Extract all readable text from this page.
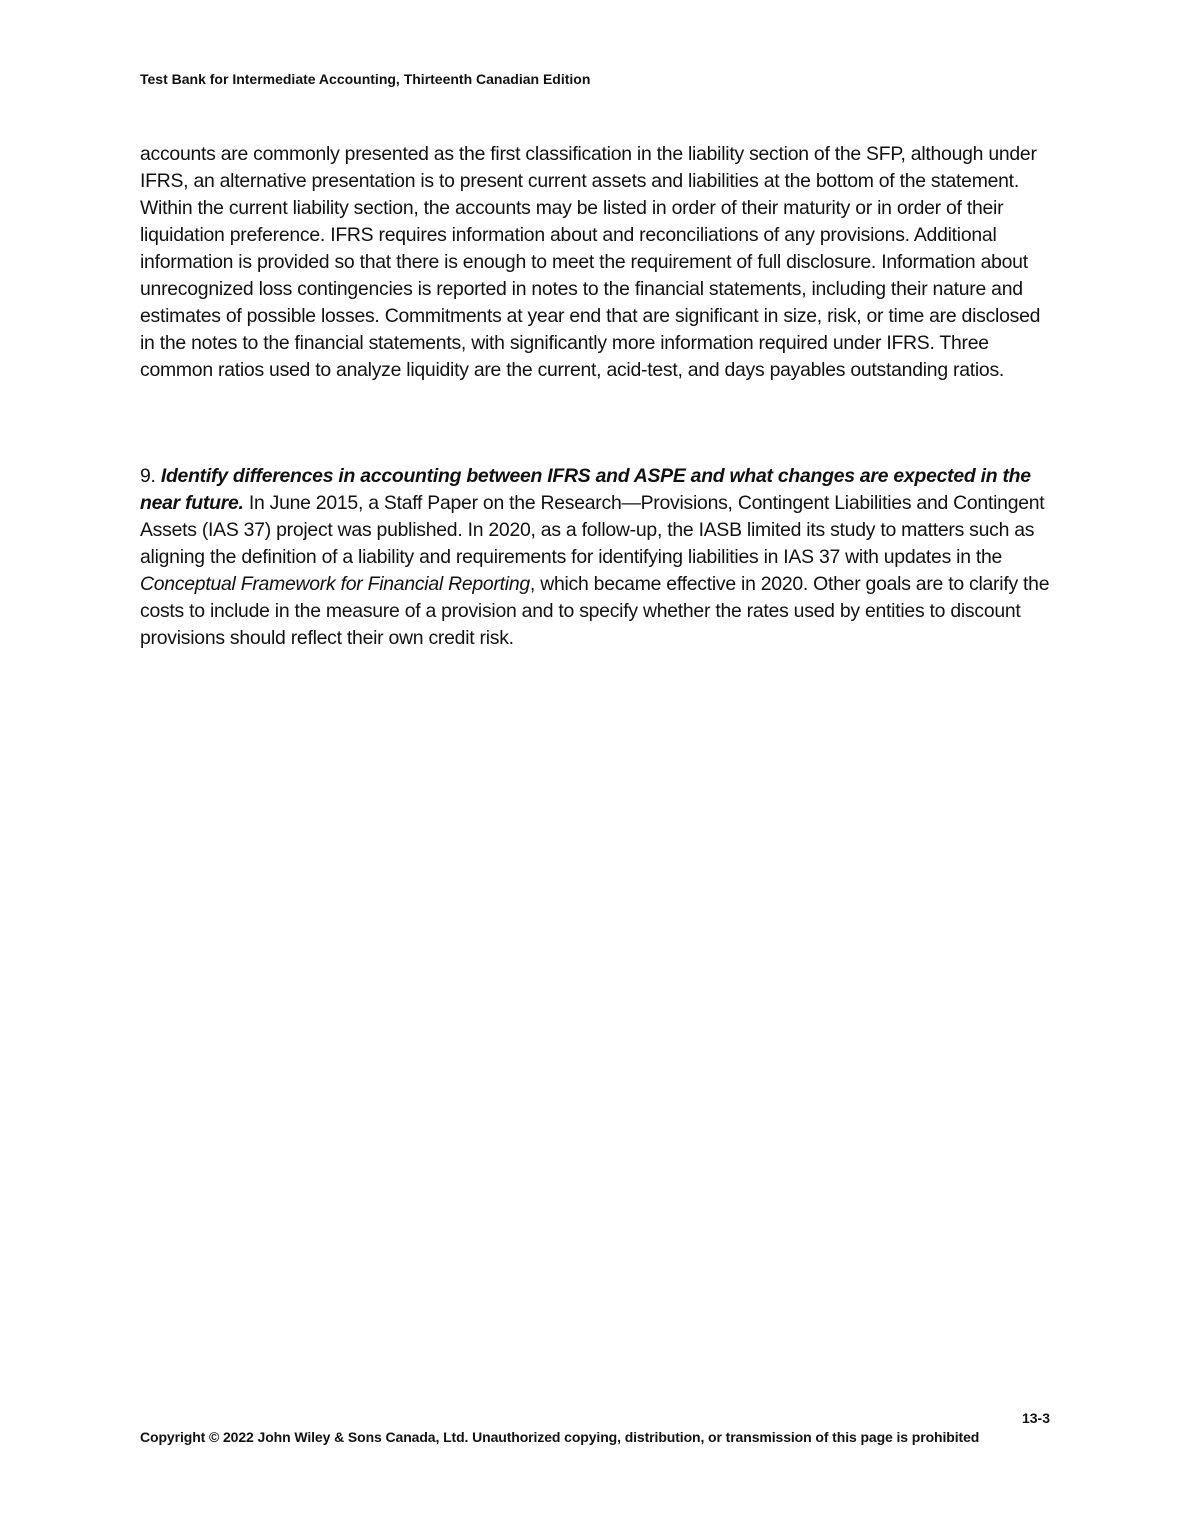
Test Bank for Intermediate Accounting, Thirteenth Canadian Edition

accounts are commonly presented as the first classification in the liability section of the SFP, although under IFRS, an alternative presentation is to present current assets and liabilities at the bottom of the statement. Within the current liability section, the accounts may be listed in order of their maturity or in order of their liquidation preference. IFRS requires information about and reconciliations of any provisions. Additional information is provided so that there is enough to meet the requirement of full disclosure. Information about unrecognized loss contingencies is reported in notes to the financial statements, including their nature and estimates of possible losses. Commitments at year end that are significant in size, risk, or time are disclosed in the notes to the financial statements, with significantly more information required under IFRS. Three common ratios used to analyze liquidity are the current, acid-test, and days payables outstanding ratios.

9. Identify differences in accounting between IFRS and ASPE and what changes are expected in the near future. In June 2015, a Staff Paper on the Research—Provisions, Contingent Liabilities and Contingent Assets (IAS 37) project was published. In 2020, as a follow-up, the IASB limited its study to matters such as aligning the definition of a liability and requirements for identifying liabilities in IAS 37 with updates in the Conceptual Framework for Financial Reporting, which became effective in 2020. Other goals are to clarify the costs to include in the measure of a provision and to specify whether the rates used by entities to discount provisions should reflect their own credit risk.

13-3
Copyright © 2022 John Wiley & Sons Canada, Ltd. Unauthorized copying, distribution, or transmission of this page is prohibited
